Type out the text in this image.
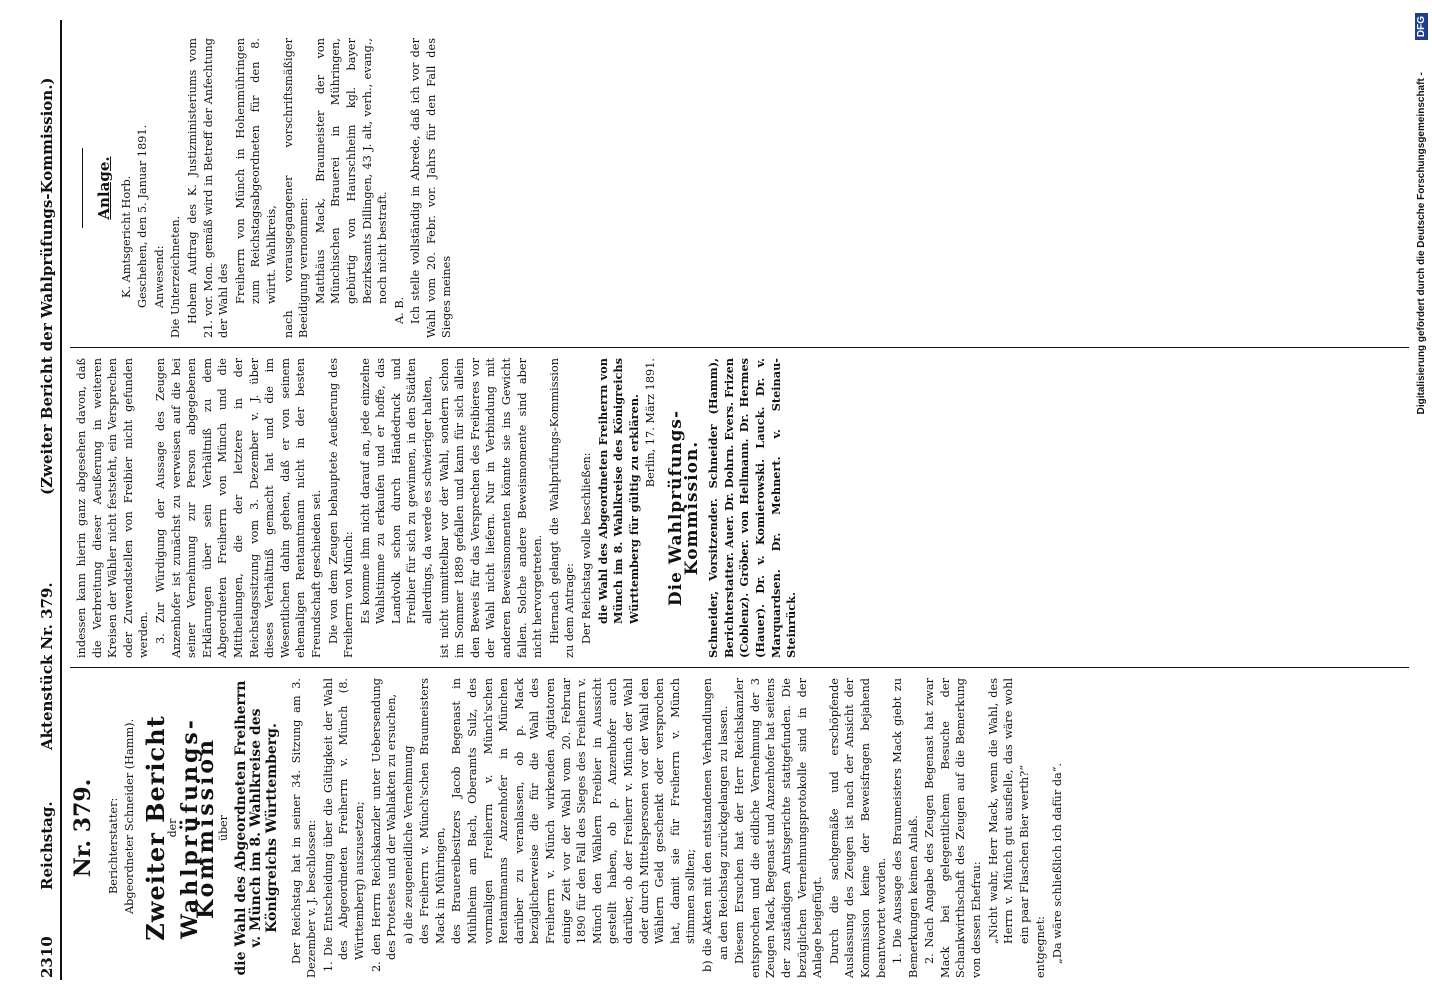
2310
Reichstag.
Aktenstück Nr. 379.
(Zweiter Bericht der Wahlprüfungs-Kommission.)
Nr. 379. Berichterstatter: Abgeordneter Schneider (Hamm). Zweiter Bericht
der
Wahlprüfungs-Kommission
über die Wahl des Abgeordneten Freiherrn v. Münch im 8. Wahlkreise des Königreichs Württemberg. Der Reichstag hat in seiner 34. Sitzung am 3. Dezember v. J. beschlossen: 1. Die Entscheidung über die Gültigkeit der Wahl des Abgeordneten Freiherrn v. Münch (8. Württemberg) auszusetzen; 2. den Herrn Reichskanzler unter Uebersendung des Protestes und der Wahlakten zu ersuchen, a) die zeugeneidliche Vernehmung des Freiherrn v. Münch'schen Braumeisters Mack in Mühringen, des Brauereibesitzers Jacob Begenast in Mühlheim am Bach, Oberamts Sulz, des vormaligen Freiherrn v. Münch'schen Rentamtmanns Anzenhofer in München darüber zu veranlassen, ob p. Mack bezüglicherweise die für die Wahl des Freiherrn v. Münch wirkenden Agitatoren einige Zeit vor der Wahl vom 20. Februar 1890 für den Fall des Sieges des Freiherrn v. Münch den Wählern Freibier in Aussicht gestellt haben, ob p. Anzenhofer auch darüber, ob der Freiherr v. Münch der Wahl oder durch Mittelspersonen vor der Wahl den Wählern Geld geschenkt oder versprochen hat, damit sie für Freiherrn v. Münch stimmen sollten; b) die Akten mit den entstandenen Verhandlungen an den Reichstag zurückgelangen zu lassen. Diesem Ersuchen hat der Herr Reichskanzler entsprochen und die eidliche Vernehmung der 3 Zeugen Mack, Begenast und Anzenhofer hat seitens der zuständigen Amtsgerichte stattgefunden. Die bezüglichen Vernehmungsprotokolle sind in der Anlage beigefügt. Durch die sachgemäße und erschöpfende Auslassung des Zeugen ist nach der Ansicht der Kommission keine der Beweisfragen bejahend beantwortet worden. 1. Die Aussage des Braumeisters Mack giebt zu Bemerkungen keinen Anlaß. 2. Nach Angabe des Zeugen Begenast hat zwar Mack bei gelegentlichem Besuche der Schankwirthschaft des Zeugen auf die Bemerkung von dessen Ehefrau: „Nicht wahr, Herr Mack, wenn die Wahl, des Herrn v. Münch gut ausfielle, das wäre wohl ein paar Flaschen Bier werth?“

entgegnet: „Da wäre schließlich ich dafür da“.

indessen kann hierin ganz abgesehen davon, daß die Verbreitung dieser Aeußerung in weiteren Kreisen der Wähler nicht feststeht, ein Versprechen oder Zuwendstellen von Freibier nicht gefunden werden. 3. Zur Würdigung der Aussage des Zeugen Anzenhofer ist zunächst zu verweisen auf die bei seiner Vernehmung zur Person abgegebenen Erklärungen über sein Verhältniß zu dem Abgeordneten Freiherrn von Münch und die Mittheilungen, die der letztere in der Reichstagssitzung vom 3. Dezember v. J. über dieses Verhältniß gemacht hat und die im Wesentlichen dahin gehen, daß er von seinem ehemaligen Rentamtmann nicht in der besten Freundschaft geschieden sei. Die von dem Zeugen behauptete Aeußerung des Freiherrn von Münch: Es komme ihm nicht darauf an, jede einzelne Wahlstimme zu erkaufen und er hoffe, das Landvolk schon durch Händedruck und Freibier für sich zu gewinnen, in den Städten allerdings, da werde es schwieriger halten, ist nicht unmittelbar vor der Wahl, sondern schon im Sommer 1889 gefallen und kann für sich allein den Beweis für das Versprechen des Freibieres vor der Wahl nicht liefern. Nur in Verbindung mit anderen Beweismomenten könnte sie ins Gewicht fallen. Solche andere Beweismomente sind aber nicht hervorgetreten. Hiernach gelangt die Wahlprüfungs-Kommission zu dem Antrage: Der Reichstag wolle beschließen: die Wahl des Abgeordneten Freiherrn von Münch im 8. Wahlkreise des Königreichs Württemberg für gültig zu erklären. Berlin, 17. März 1891. Die Wahlprüfungs-Kommission. Schneider, Vorsitzender. Schneider (Hamm), Berichterstatter. Auer. Dr. Dohrn. Evers. Frizen (Coblenz). Gröber. von Hellmann. Dr. Hermes (Hauer). Dr. v. Komierowski. Lauck. Dr. v. Marquardsen. Dr. Mehnert. v. Steinau-Steinrück.

Anlage. K. Amtsgericht Horb. Geschehen, den 5. Januar 1891. Anwesend: Die Unterzeichneten. Hohem Auftrag des K. Justizministeriums vom 21. vor. Mon. gemäß wird in Betreff der Anfechtung der Wahl des Freiherrn von Münch in Hohenmühringen zum Reichstagsabgeordneten für den 8. württ. Wahlkreis, nach vorausgegangener vorschriftsmäßiger Beeidigung vernommen: Matthäus Mack, Braumeister der von Münchischen Brauerei in Mühringen, gebürtig von Haurschheim kgl. bayer Bezirksamts Dillingen, 43 J. alt, verh., evang., noch nicht bestraft.

A. B. Ich stelle vollständig in Abrede, daß ich vor der Wahl vom 20. Febr. vor. Jahrs für den Fall des Sieges meines	Digitalisierung gefördert durch die Deutsche Forschungsgemeinschaft -
DFG
